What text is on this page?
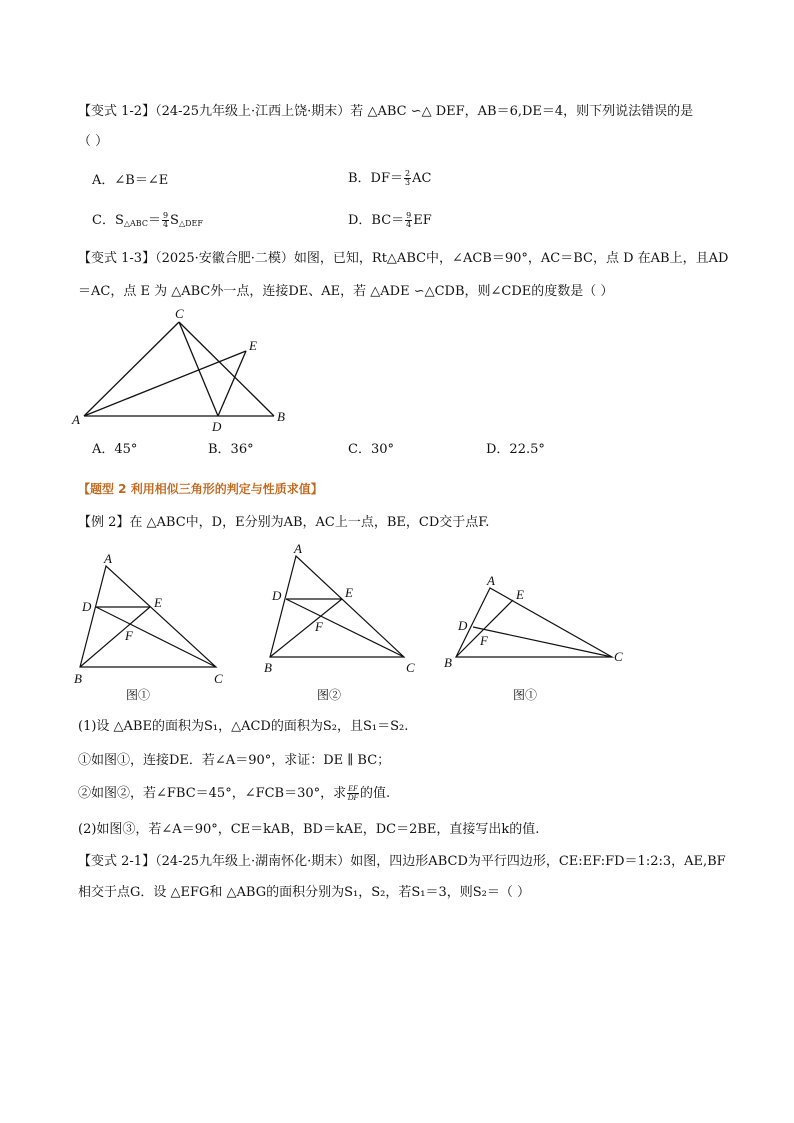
【变式 1-2】（24-25九年级上·江西上饶·期末）若 △ABC ∽△ DEF，AB＝6,DE＝4，则下列说法错误的是
（ ）
A．∠B＝∠E	B．$DF= \frac{2}{3}$ AC
C．$S_{\triangle ABC}= \frac{9}{4} S_{\triangle DEF}$	D．$BC= \frac{9}{4}$ EF
【变式 1-3】（2025·安徽合肥·二模）如图，已知，Rt△ABC中，∠ACB＝90°，AC＝BC，点 D 在AB上，且AD
＝AC，点 E 为 △ABC外一点，连接DE、AE，若 △ADE ∽△CDB，则∠CDE的度数是（ ）
A
C
E
D
B
A．45°	B．36°	C．30°	D．22.5°
【题型 2 利用相似三角形的判定与性质求值】
【例 2】在 △ABC中，D，E分别为AB，AC上一点，BE，CD交于点F.
A
D	E
F
B	C
A
D	E
F
B	C
A
E
D
F
B	C
图①	图②	图①
(1)设 △ABE的面积为S₁，△ACD的面积为S₂，且S₁＝S₂.
①如图①，连接DE．若∠A＝90°，求证：DE ∥ BC；
②如图②，若∠FBC＝45°，∠FCB＝30°，求 $\frac{EF}{DF}$ 的值.
(2)如图③，若∠A＝90°，CE＝kAB，BD＝kAE，DC＝2BE，直接写出k的值.
【变式 2-1】（24-25九年级上·湖南怀化·期末）如图，四边形ABCD为平行四边形，CE:EF:FD＝1:2:3，AE,BF
相交于点G．设 △EFG和 △ABG的面积分别为S₁，S₂，若S₁＝3，则S₂＝（ ）
